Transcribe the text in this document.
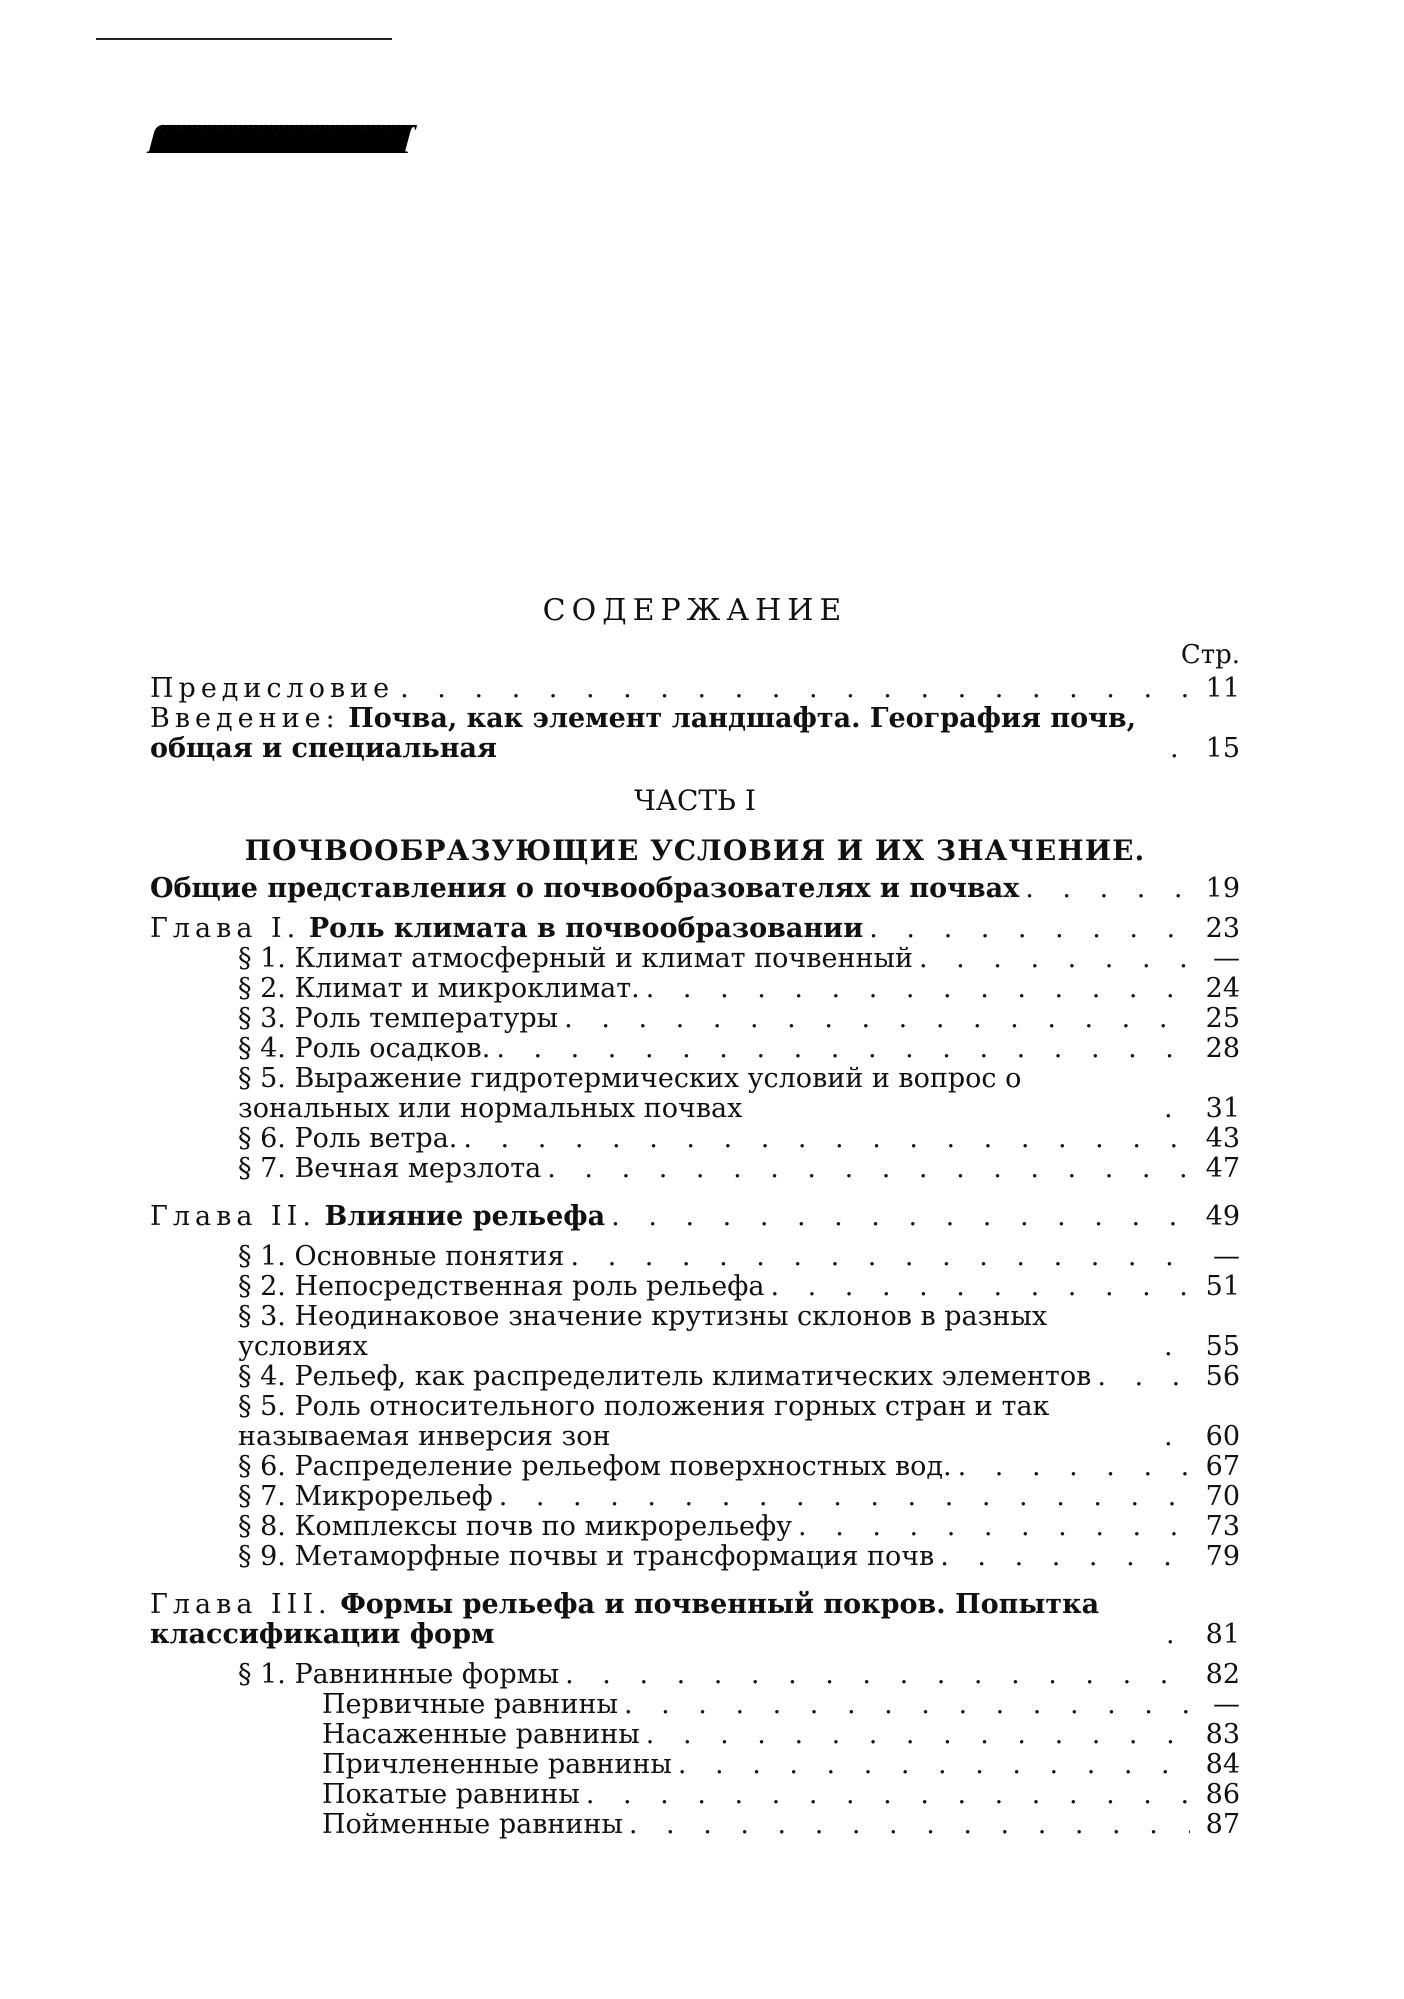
ſſſſſſſſſſſſſſſſſſſſſſſſſſſſſſſſſſſſſſſſſſſſſſſſſſ
СОДЕРЖАНИЕ
Стр.
Предисловие . . .	11
Введение: Почва, как элемент ландшафта. География почв, общая и специальная . . .	15
ЧАСТЬ I
ПОЧВООБРАЗУЮЩИЕ УСЛОВИЯ И ИХ ЗНАЧЕНИЕ.
Общие представления о почвообразователях и почвах . . .	19
Глава I. Роль климата в почвообразовании . . .	23
§ 1. Климат атмосферный и климат почвенный . . .	—
§ 2. Климат и микроклимат. . . .	24
§ 3. Роль температуры . . .	25
§ 4. Роль осадков. . . .	28
§ 5. Выражение гидротермических условий и вопрос о зональных или нормальных почвах . . .	31
§ 6. Роль ветра. . . .	43
§ 7. Вечная мерзлота . . .	47
Глава II. Влияние рельефа . . .	49
§ 1. Основные понятия . . .	—
§ 2. Непосредственная роль рельефа . . .	51
§ 3. Неодинаковое значение крутизны склонов в разных условиях . . .	55
§ 4. Рельеф, как распределитель климатических элементов . . .	56
§ 5. Роль относительного положения горных стран и так называемая инверсия зон . . .	60
§ 6. Распределение рельефом поверхностных вод. . . .	67
§ 7. Микрорельеф . . .	70
§ 8. Комплексы почв по микрорельефу . . .	73
§ 9. Метаморфные почвы и трансформация почв . . .	79
Глава III. Формы рельефа и почвенный покров. Попытка классификации форм . . .	81
§ 1. Равнинные формы . . .	82
Первичные равнины . . .	—
Насаженные равнины . . .	83
Причлененные равнины . . .	84
Покатые равнины . . .	86
Пойменные равнины . . .	87
